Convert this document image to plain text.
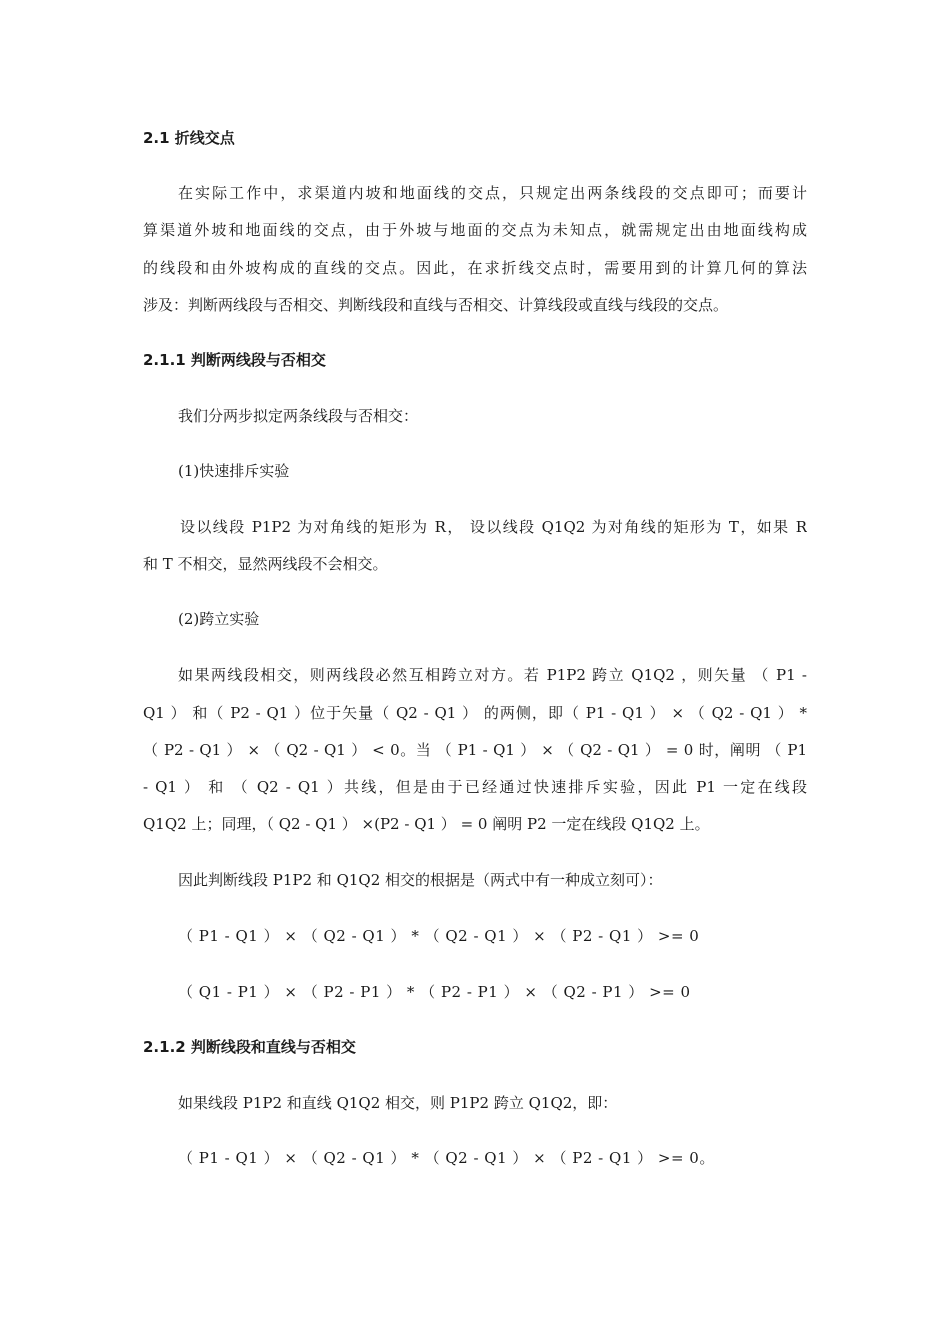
2.1 折线交点
在实际工作中，求渠道内坡和地面线的交点，只规定出两条线段的交点即可；而要计
算渠道外坡和地面线的交点，由于外坡与地面的交点为未知点，就需规定出由地面线构成
的线段和由外坡构成的直线的交点。因此，在求折线交点时，需要用到的计算几何的算法
涉及：判断两线段与否相交、判断线段和直线与否相交、计算线段或直线与线段的交点。
2.1.1 判断两线段与否相交
我们分两步拟定两条线段与否相交：
(1)快速排斥实验
设以线段 P1P2 为对角线的矩形为 R， 设以线段 Q1Q2 为对角线的矩形为 T，如果 R
和 T 不相交，显然两线段不会相交。
(2)跨立实验
如果两线段相交，则两线段必然互相跨立对方。若 P1P2 跨立 Q1Q2 ，则矢量 （ P1 -
Q1 ） 和（ P2 - Q1 ）位于矢量（ Q2 - Q1 ） 的两侧，即（ P1 - Q1 ） × （ Q2 - Q1 ） *
（ P2 - Q1 ） × （ Q2 - Q1 ） < 0。当 （ P1 - Q1 ） × （ Q2 - Q1 ） = 0 时，阐明 （ P1
- Q1 ） 和 （ Q2 - Q1 ）共线，但是由于已经通过快速排斥实验，因此 P1 一定在线段
Q1Q2 上；同理，（ Q2 - Q1 ） ×(P2 - Q1 ） = 0 阐明 P2 一定在线段 Q1Q2 上。
因此判断线段 P1P2 和 Q1Q2 相交的根据是（两式中有一种成立刻可）：
（ P1 - Q1 ） × （ Q2 - Q1 ） * （ Q2 - Q1 ） × （ P2 - Q1 ） >= 0
（ Q1 - P1 ） × （ P2 - P1 ） * （ P2 - P1 ） × （ Q2 - P1 ） >= 0
2.1.2 判断线段和直线与否相交
如果线段 P1P2 和直线 Q1Q2 相交，则 P1P2 跨立 Q1Q2，即：
（ P1 - Q1 ） × （ Q2 - Q1 ） * （ Q2 - Q1 ） × （ P2 - Q1 ） >= 0。
